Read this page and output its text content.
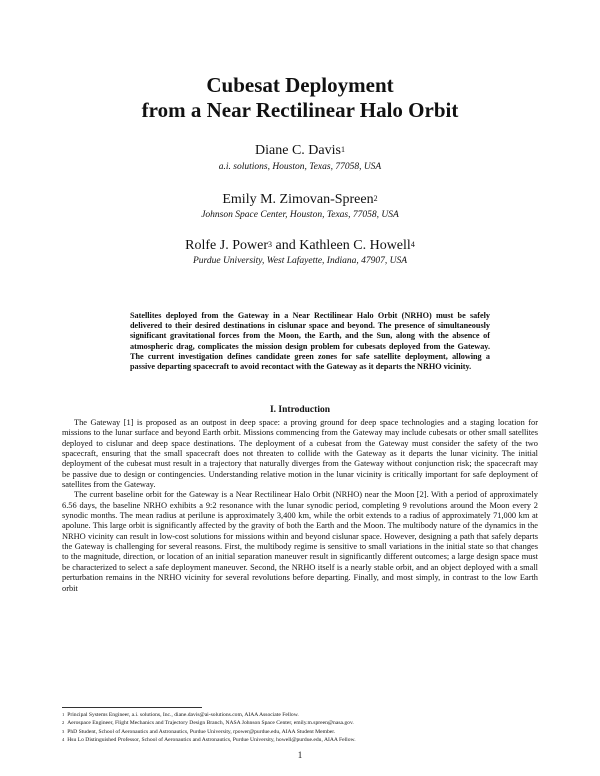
Cubesat Deployment
from a Near Rectilinear Halo Orbit
Diane C. Davis$^1$
a.i. solutions, Houston, Texas, 77058, USA
Emily M. Zimovan-Spreen$^2$
Johnson Space Center, Houston, Texas, 77058, USA
Rolfe J. Power$^3$ and Kathleen C. Howell$^4$
Purdue University, West Lafayette, Indiana, 47907, USA
Satellites deployed from the Gateway in a Near Rectilinear Halo Orbit (NRHO) must be safely delivered to their desired destinations in cislunar space and beyond. The presence of simultaneously significant gravitational forces from the Moon, the Earth, and the Sun, along with the absence of atmospheric drag, complicates the mission design problem for cubesats deployed from the Gateway. The current investigation defines candidate green zones for safe satellite deployment, allowing a passive departing spacecraft to avoid recontact with the Gateway as it departs the NRHO vicinity.
I. Introduction

The Gateway [1] is proposed as an outpost in deep space: a proving ground for deep space technologies and a staging location for missions to the lunar surface and beyond Earth orbit. Missions commencing from the Gateway may include cubesats or other small satellites deployed to cislunar and deep space destinations. The deployment of a cubesat from the Gateway must consider the safety of the two spacecraft, ensuring that the small spacecraft does not threaten to collide with the Gateway as it departs the lunar vicinity. The initial deployment of the cubesat must result in a trajectory that naturally diverges from the Gateway without conjunction risk; the spacecraft may be passive due to design or contingencies. Understanding relative motion in the lunar vicinity is critically important for safe deployment of satellites from the Gateway.

The current baseline orbit for the Gateway is a Near Rectilinear Halo Orbit (NRHO) near the Moon [2]. With a period of approximately 6.56 days, the baseline NRHO exhibits a 9:2 resonance with the lunar synodic period, completing 9 revolutions around the Moon every 2 synodic months. The mean radius at perilune is approximately 3,400 km, while the orbit extends to a radius of approximately 71,000 km at apolune. This large orbit is significantly affected by the gravity of both the Earth and the Moon. The multibody nature of the dynamics in the NRHO vicinity can result in low-cost solutions for missions within and beyond cislunar space. However, designing a path that safely departs the Gateway is challenging for several reasons. First, the multibody regime is sensitive to small variations in the initial state so that changes to the magnitude, direction, or location of an initial separation maneuver result in significantly different outcomes; a large design space must be characterized to select a safe deployment maneuver. Second, the NRHO itself is a nearly stable orbit, and an object deployed with a small perturbation remains in the NRHO vicinity for several revolutions before departing. Finally, and most simply, in contrast to the low Earth orbit

$^1$ Principal Systems Engineer, a.i. solutions, Inc., diane.davis@ai-solutions.com, AIAA Associate Fellow.
$^2$ Aerospace Engineer, Flight Mechanics and Trajectory Design Branch, NASA Johnson Space Center, emily.m.spreen@nasa.gov.
$^3$ PhD Student, School of Aeronautics and Astronautics, Purdue University, rpower@purdue.edu, AIAA Student Member.
$^4$ Hsu Lo Distinguished Professor, School of Aeronautics and Astronautics, Purdue University, howell@purdue.edu, AIAA Fellow.
1
